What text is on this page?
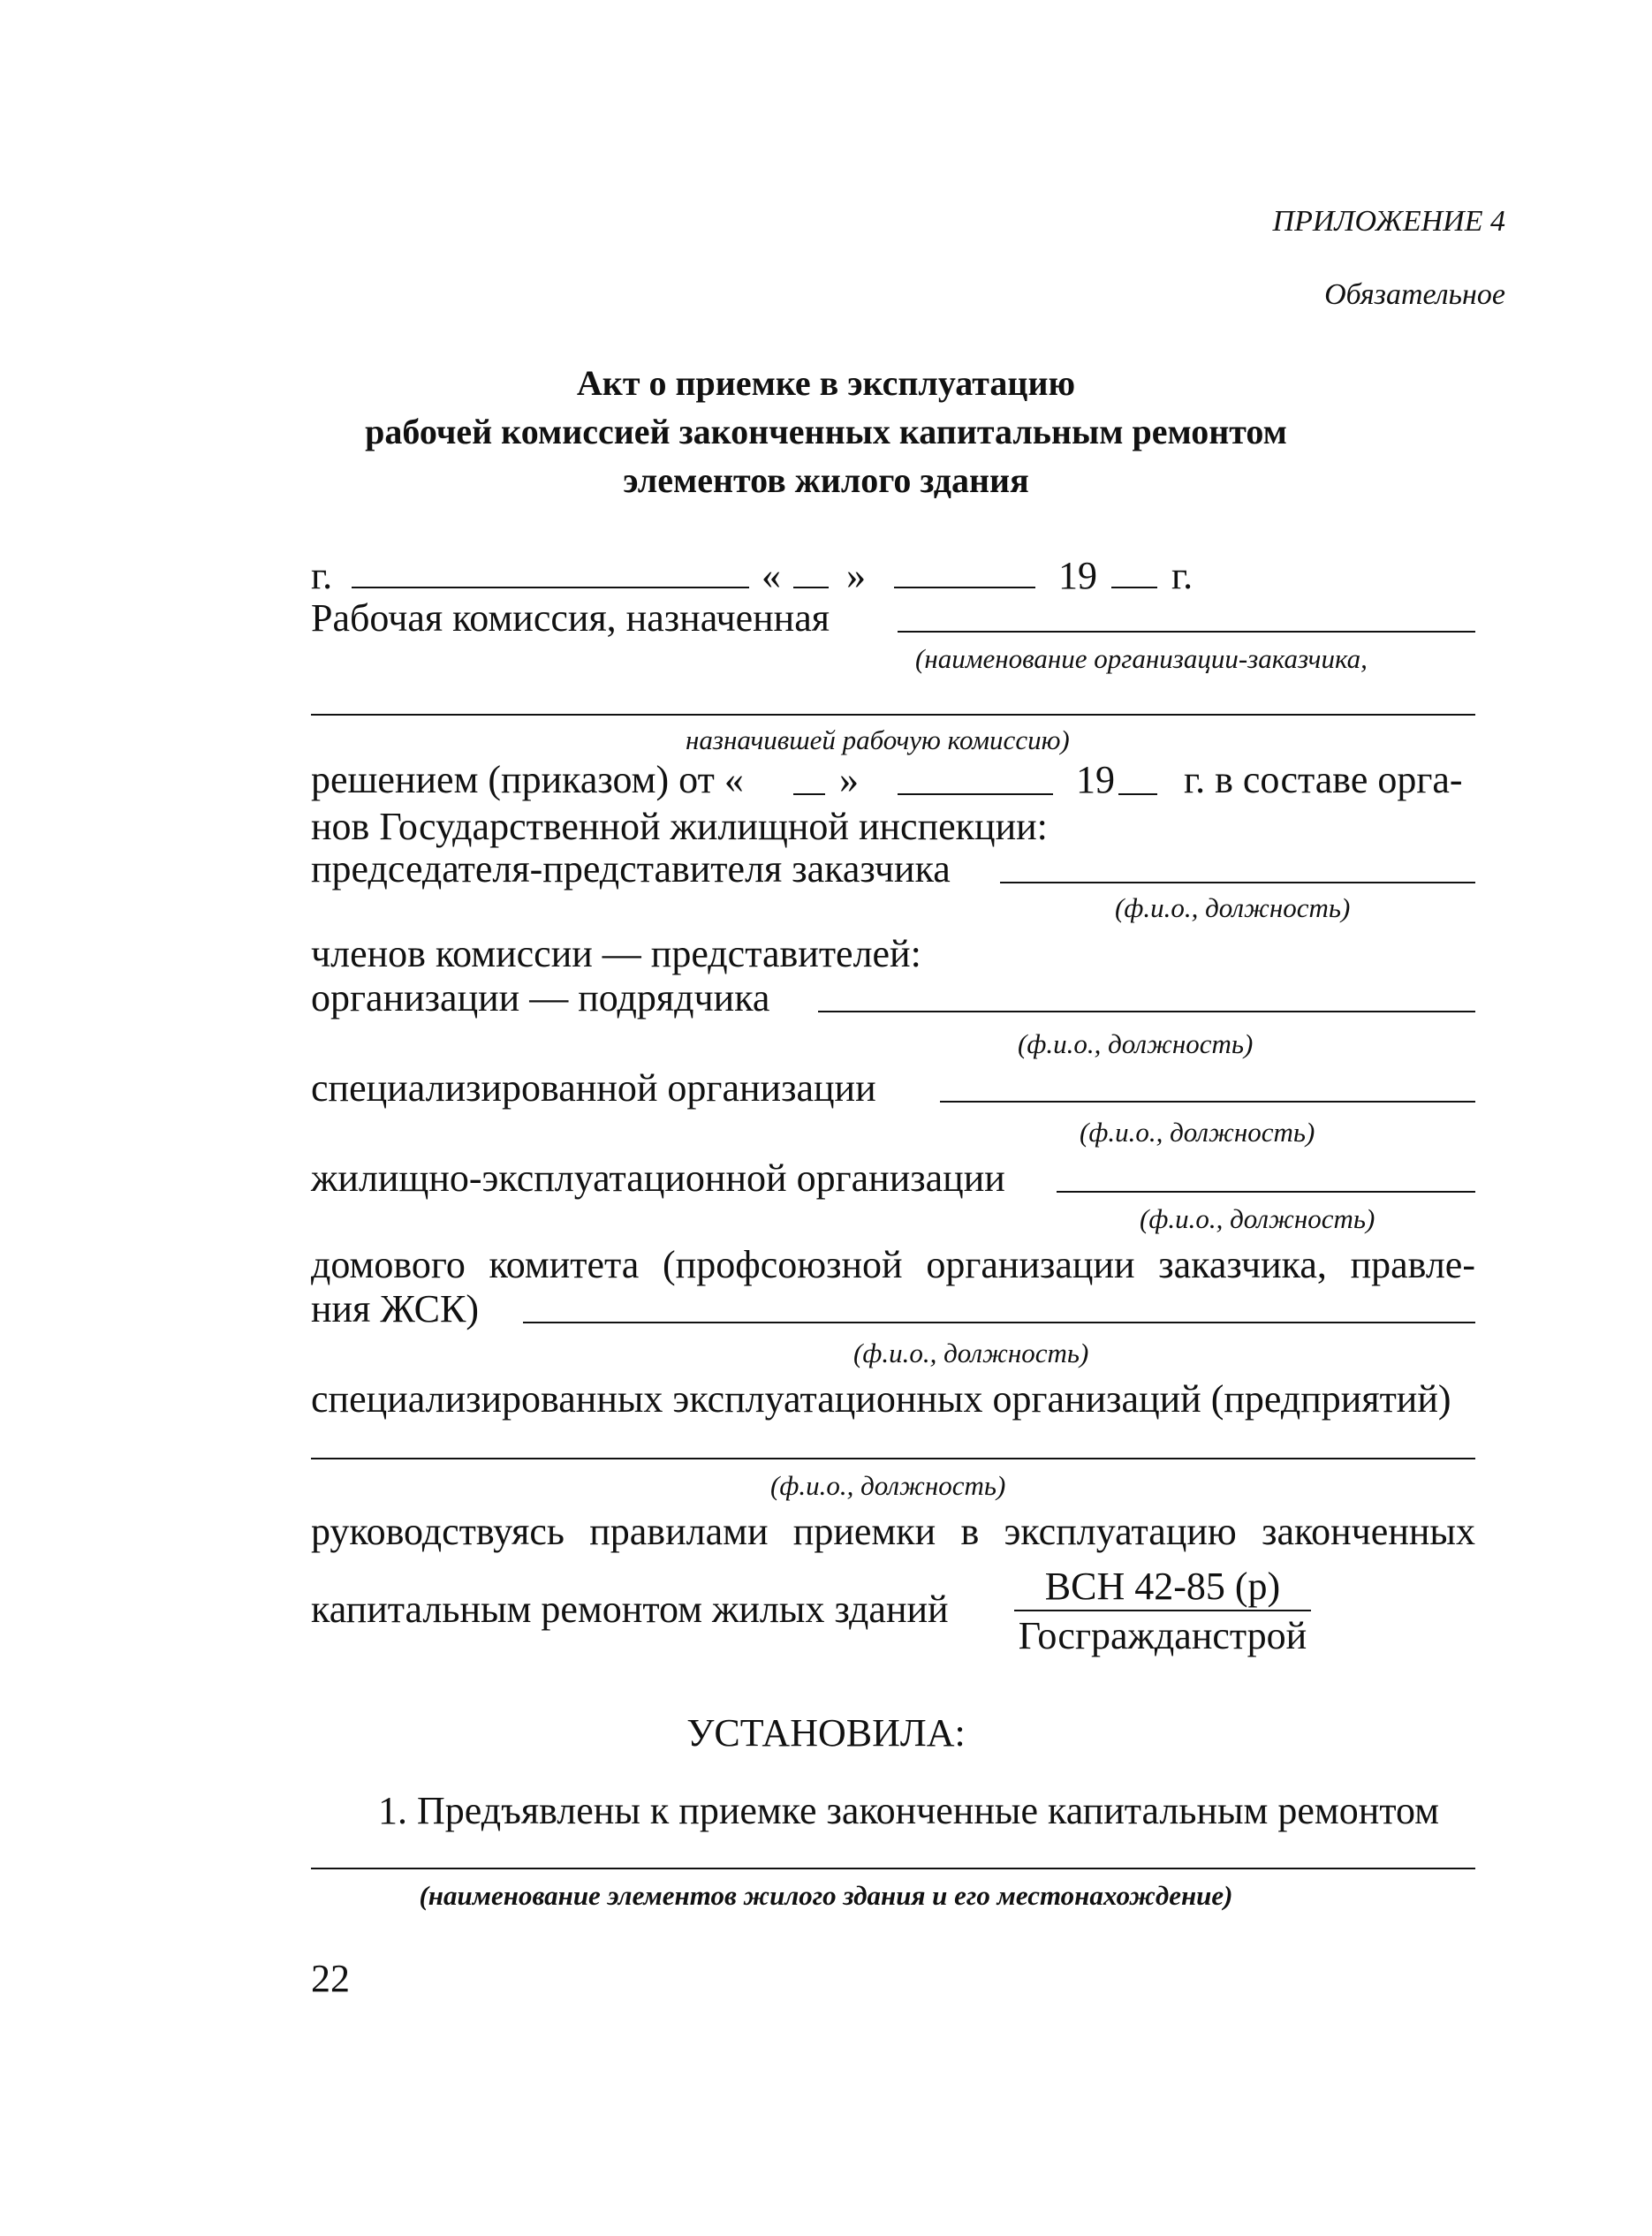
ПРИЛОЖЕНИЕ 4
Обязательное
Акт о приемке в эксплуатацию
рабочей комиссией законченных капитальным ремонтом
элементов жилого здания
г.	« »	19 г.
Рабочая комиссия, назначенная
(наименование организации-заказчика,
назначившей рабочую комиссию)
решением (приказом) от « »	19 г. в составе орга-
нов Государственной жилищной инспекции:
председателя-представителя заказчика
(ф.и.о., должность)
членов комиссии — представителей:
организации — подрядчика
(ф.и.о., должность)
специализированной организации
(ф.и.о., должность)
жилищно-эксплуатационной организации
(ф.и.о., должность)
домового комитета (профсоюзной организации заказчика, правле-
ния ЖСК)
(ф.и.о., должность)
специализированных эксплуатационных организаций (предприятий)
(ф.и.о., должность)
руководствуясь правилами приемки в эксплуатацию законченных
капитальным ремонтом жилых зданий
ВСН 42-85 (р)
Госгражданстрой
УСТАНОВИЛА:
1. Предъявлены к приемке законченные капитальным ремонтом
(наименование элементов жилого здания и его местонахождение)
22
